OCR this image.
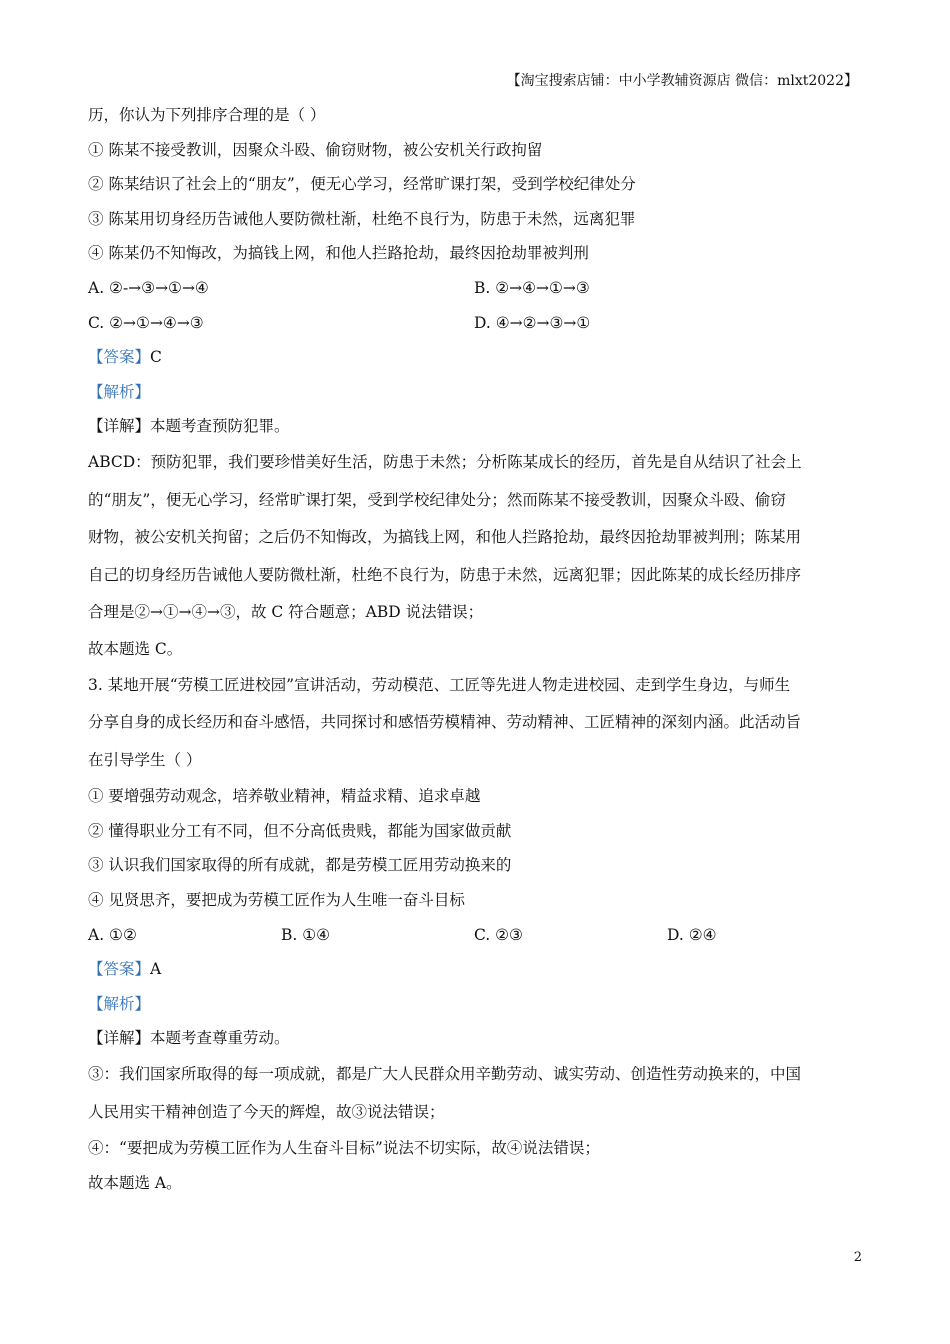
【淘宝搜索店铺：中小学教辅资源店 微信：mlxt2022】
历，你认为下列排序合理的是（ ）
① 陈某不接受教训，因聚众斗殴、偷窃财物，被公安机关行政拘留
② 陈某结识了社会上的“朋友”，便无心学习，经常旷课打架，受到学校纪律处分
③ 陈某用切身经历告诫他人要防微杜渐，杜绝不良行为，防患于未然，远离犯罪
④ 陈某仍不知悔改，为搞钱上网，和他人拦路抢劫，最终因抢劫罪被判刑
A. ②-→③→①→④	B. ②→④→①→③
C. ②→①→④→③	D. ④→②→③→①
【答案】C
【解析】
【详解】本题考查预防犯罪。
ABCD：预防犯罪，我们要珍惜美好生活，防患于未然；分析陈某成长的经历，首先是自从结识了社会上
的“朋友”，便无心学习，经常旷课打架，受到学校纪律处分；然而陈某不接受教训，因聚众斗殴、偷窃
财物，被公安机关拘留；之后仍不知悔改，为搞钱上网，和他人拦路抢劫，最终因抢劫罪被判刑；陈某用
自己的切身经历告诫他人要防微杜渐，杜绝不良行为，防患于未然，远离犯罪；因此陈某的成长经历排序
合理是②→①→④→③，故 C 符合题意；ABD 说法错误；
故本题选 C。
3. 某地开展“劳模工匠进校园”宣讲活动，劳动模范、工匠等先进人物走进校园、走到学生身边，与师生
分享自身的成长经历和奋斗感悟，共同探讨和感悟劳模精神、劳动精神、工匠精神的深刻内涵。此活动旨
在引导学生（ ）
① 要增强劳动观念，培养敬业精神，精益求精、追求卓越
② 懂得职业分工有不同，但不分高低贵贱，都能为国家做贡献
③ 认识我们国家取得的所有成就，都是劳模工匠用劳动换来的
④ 见贤思齐，要把成为劳模工匠作为人生唯一奋斗目标
A. ①②	B. ①④	C. ②③	D. ②④
【答案】A
【解析】
【详解】本题考查尊重劳动。
③：我们国家所取得的每一项成就，都是广大人民群众用辛勤劳动、诚实劳动、创造性劳动换来的，中国
人民用实干精神创造了今天的辉煌，故③说法错误；
④：“要把成为劳模工匠作为人生奋斗目标”说法不切实际，故④说法错误；
故本题选 A。
2
